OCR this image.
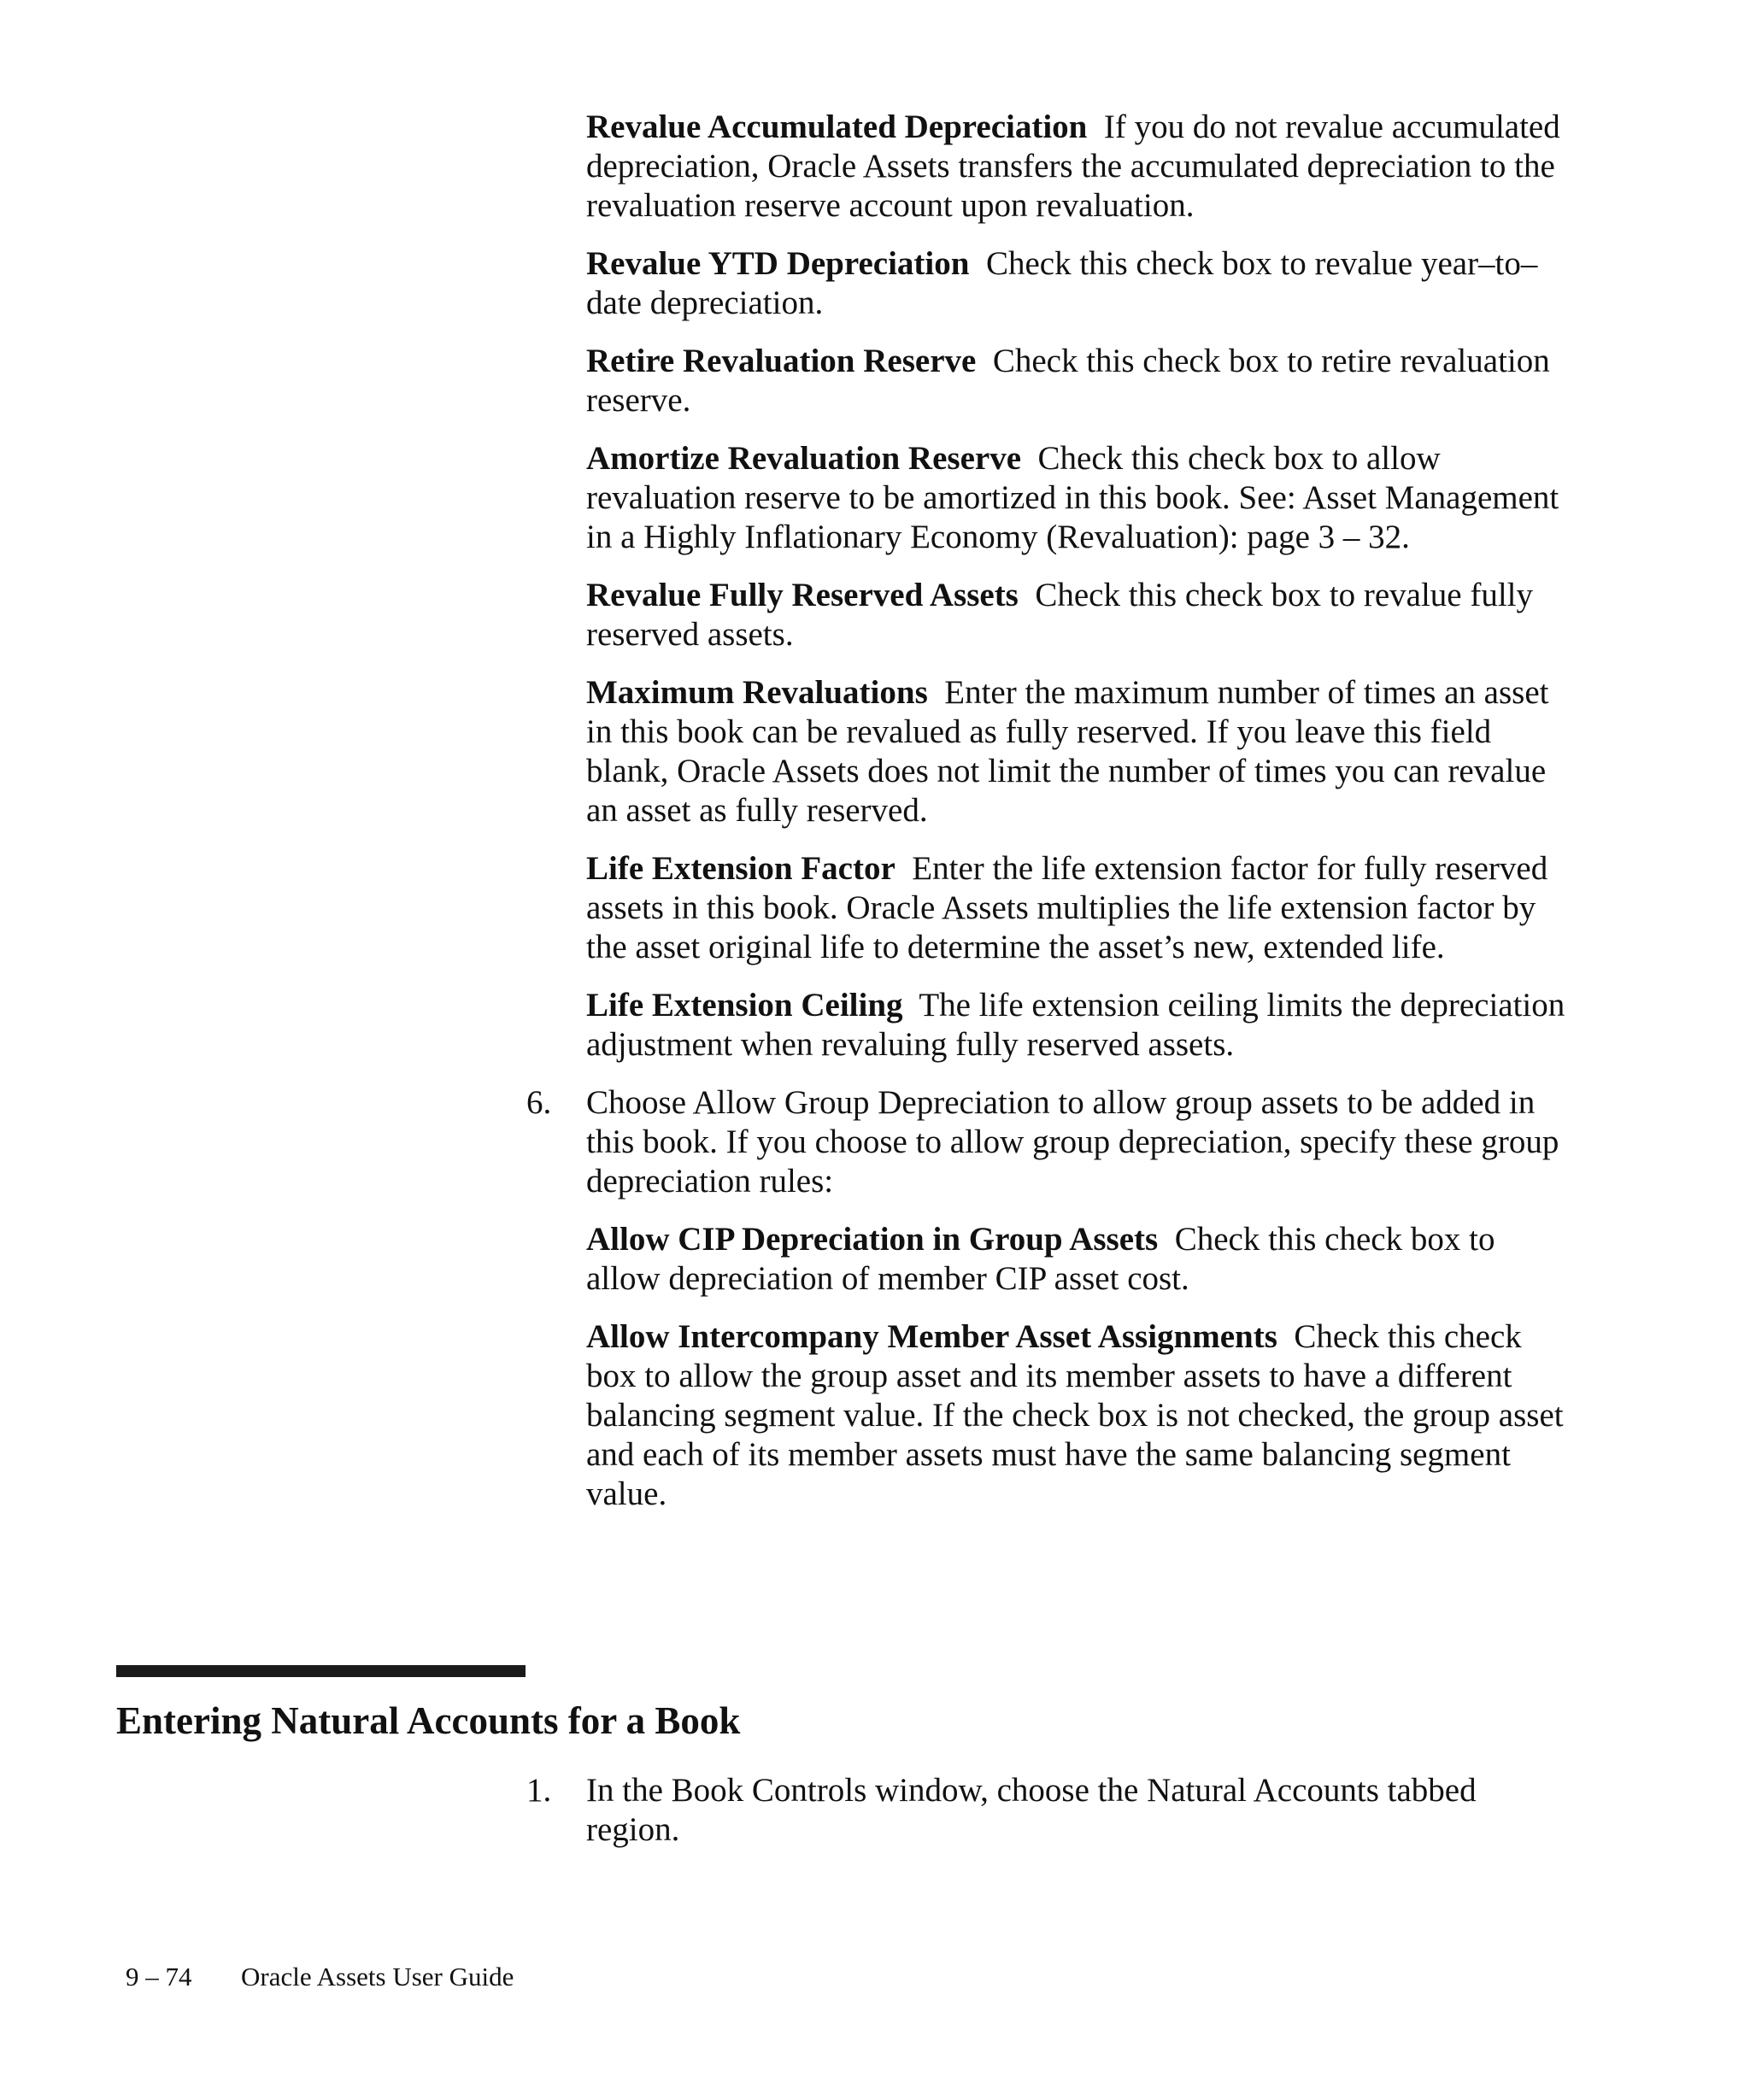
Revalue Accumulated Depreciation If you do not revalue accumulated depreciation, Oracle Assets transfers the accumulated depreciation to the revaluation reserve account upon revaluation.
Revalue YTD Depreciation Check this check box to revalue year–to–date depreciation.
Retire Revaluation Reserve Check this check box to retire revaluation reserve.
Amortize Revaluation Reserve Check this check box to allow revaluation reserve to be amortized in this book. See: Asset Management in a Highly Inflationary Economy (Revaluation): page 3 – 32.
Revalue Fully Reserved Assets Check this check box to revalue fully reserved assets.
Maximum Revaluations Enter the maximum number of times an asset in this book can be revalued as fully reserved. If you leave this field blank, Oracle Assets does not limit the number of times you can revalue an asset as fully reserved.
Life Extension Factor Enter the life extension factor for fully reserved assets in this book. Oracle Assets multiplies the life extension factor by the asset original life to determine the asset’s new, extended life.
Life Extension Ceiling The life extension ceiling limits the depreciation adjustment when revaluing fully reserved assets.
6. Choose Allow Group Depreciation to allow group assets to be added in this book. If you choose to allow group depreciation, specify these group depreciation rules:
Allow CIP Depreciation in Group Assets Check this check box to allow depreciation of member CIP asset cost.
Allow Intercompany Member Asset Assignments Check this check box to allow the group asset and its member assets to have a different balancing segment value. If the check box is not checked, the group asset and each of its member assets must have the same balancing segment value.
Entering Natural Accounts for a Book
1. In the Book Controls window, choose the Natural Accounts tabbed region.
9 – 74 Oracle Assets User Guide
